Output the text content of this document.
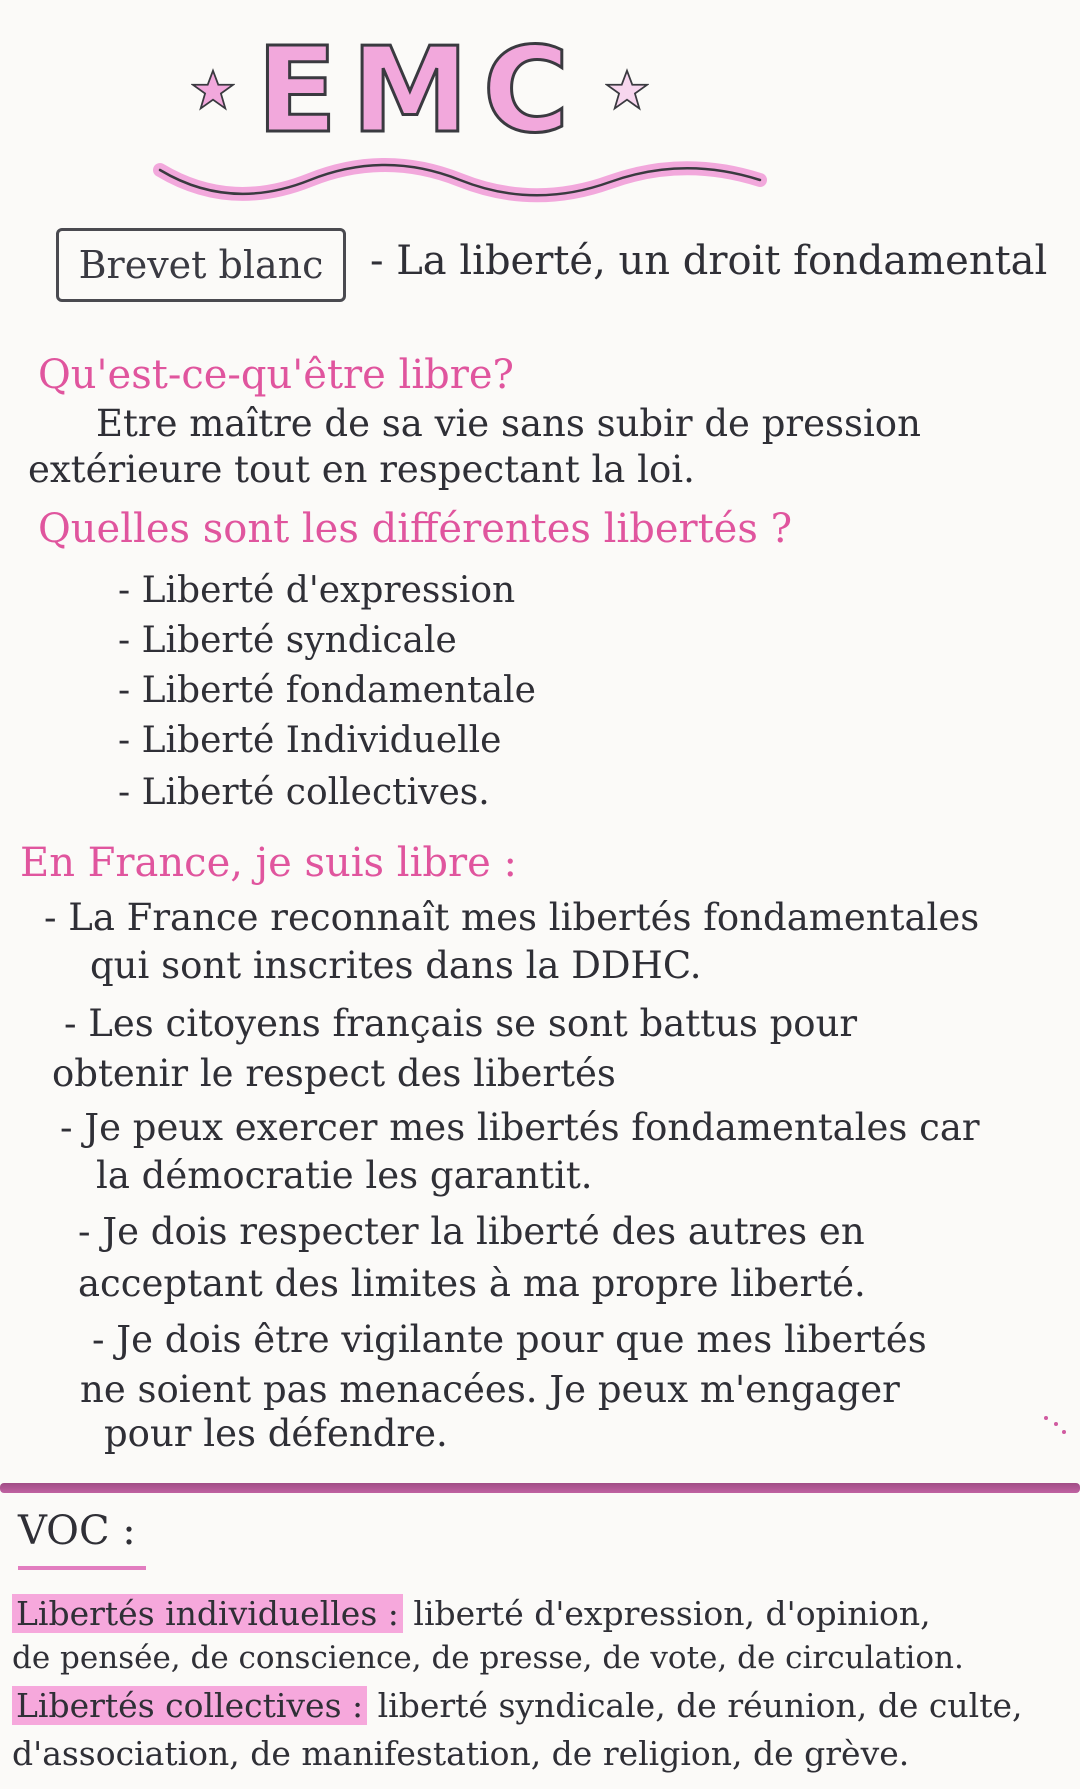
EMC
Brevet blanc - La liberté, un droit fondamental
Qu'est-ce-qu'être libre?
Etre maître de sa vie sans subir de pression
extérieure tout en respectant la loi.
Quelles sont les différentes libertés ?
- Liberté d'expression
- Liberté syndicale
- Liberté fondamentale
- Liberté Individuelle
- Liberté collectives.
En France, je suis libre :
- La France reconnaît mes libertés fondamentales
qui sont inscrites dans la DDHC.
- Les citoyens français se sont battus pour
obtenir le respect des libertés
- Je peux exercer mes libertés fondamentales car
la démocratie les garantit.
- Je dois respecter la liberté des autres en
acceptant des limites à ma propre liberté.
- Je dois être vigilante pour que mes libertés
ne soient pas menacées. Je peux m'engager
pour les défendre.
VOC :
Libertés individuelles : liberté d'expression, d'opinion,
de pensée, de conscience, de presse, de vote, de circulation.
Libertés collectives : liberté syndicale, de réunion, de culte,
d'association, de manifestation, de religion, de grève.
